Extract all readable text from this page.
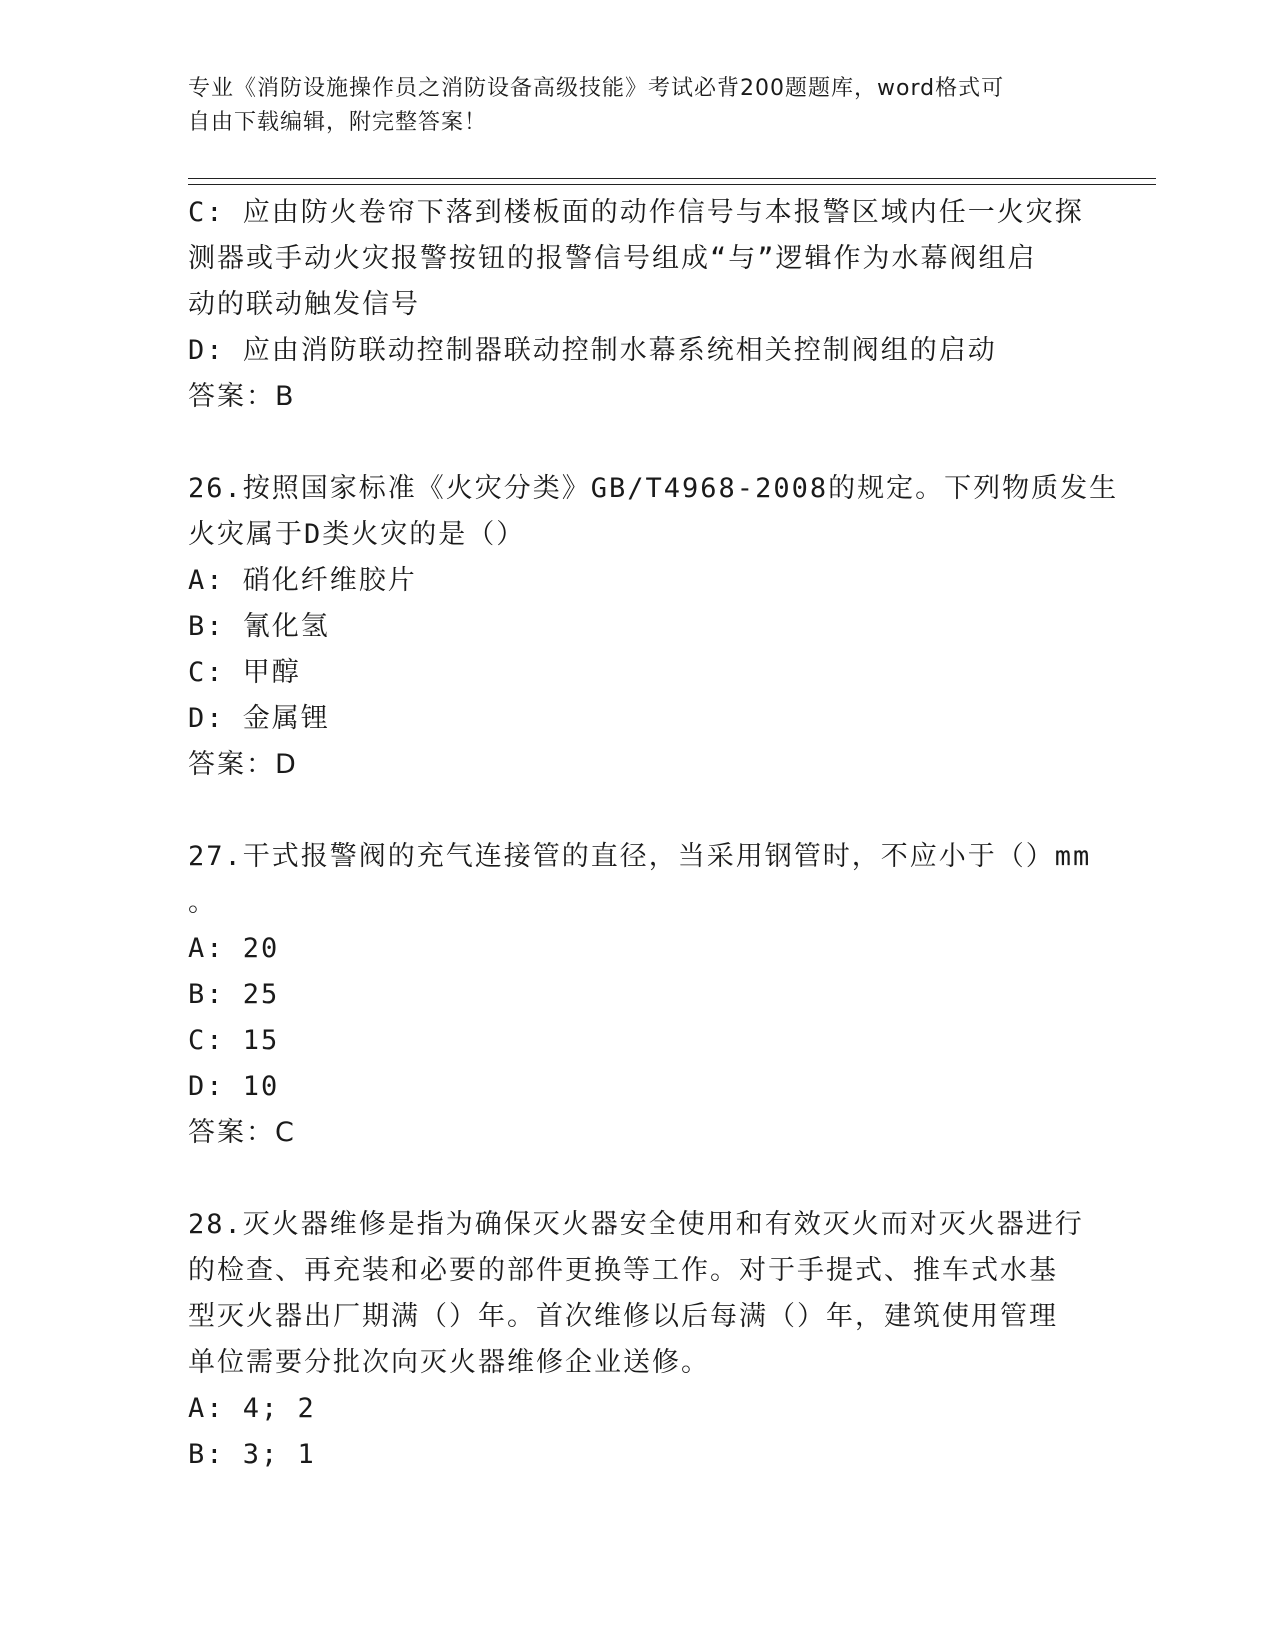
专业《消防设施操作员之消防设备高级技能》考试必背200题题库，word格式可
自由下载编辑，附完整答案！
C: 应由防火卷帘下落到楼板面的动作信号与本报警区域内任一火灾探
测器或手动火灾报警按钮的报警信号组成“与”逻辑作为水幕阀组启
动的联动触发信号
D: 应由消防联动控制器联动控制水幕系统相关控制阀组的启动
答案：B
26.按照国家标准《火灾分类》GB/T4968-2008的规定。下列物质发生
火灾属于D类火灾的是（）
A: 硝化纤维胶片
B: 氰化氢
C: 甲醇
D: 金属锂
答案：D
27.干式报警阀的充气连接管的直径，当采用钢管时，不应小于（）mm
。
A: 20
B: 25
C: 15
D: 10
答案：C
28.灭火器维修是指为确保灭火器安全使用和有效灭火而对灭火器进行
的检查、再充装和必要的部件更换等工作。对于手提式、推车式水基
型灭火器出厂期满（）年。首次维修以后每满（）年，建筑使用管理
单位需要分批次向灭火器维修企业送修。
A: 4; 2
B: 3; 1
